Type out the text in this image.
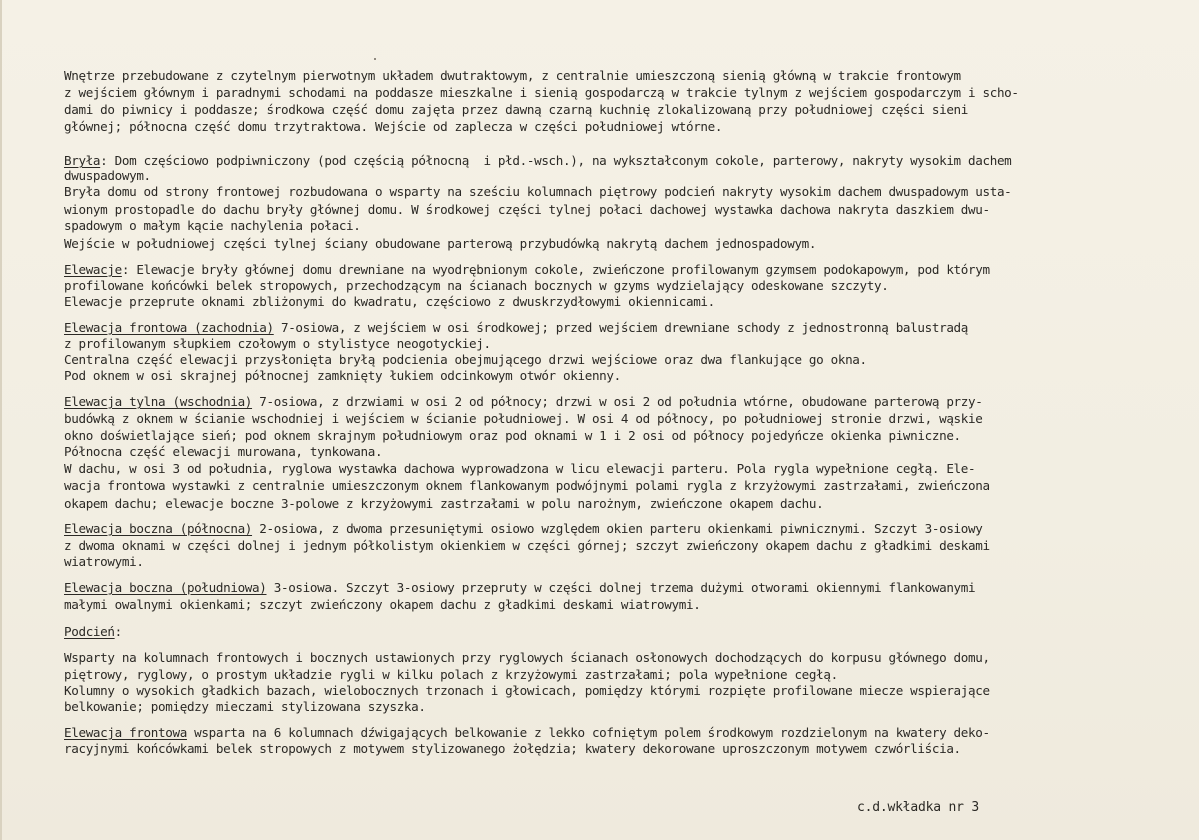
Wnętrze przebudowane z czytelnym pierwotnym układem dwutraktowym, z centralnie umieszczoną sienią główną w trakcie frontowym
z wejściem głównym i paradnymi schodami na poddasze mieszkalne i sienią gospodarczą w trakcie tylnym z wejściem gospodarczym i scho-
dami do piwnicy i poddasze; środkowa część domu zajęta przez dawną czarną kuchnię zlokalizowaną przy południowej części sieni
głównej; północna część domu trzytraktowa. Wejście od zaplecza w części południowej wtórne.
Bryła: Dom częściowo podpiwniczony (pod częścią północną  i płd.-wsch.), na wykształconym cokole, parterowy, nakryty wysokim dachem
dwuspadowym.
Bryła domu od strony frontowej rozbudowana o wsparty na sześciu kolumnach piętrowy podcień nakryty wysokim dachem dwuspadowym usta-
wionym prostopadle do dachu bryły głównej domu. W środkowej części tylnej połaci dachowej wystawka dachowa nakryta daszkiem dwu-
spadowym o małym kącie nachylenia połaci.
Wejście w południowej części tylnej ściany obudowane parterową przybudówką nakrytą dachem jednospadowym.
Elewacje: Elewacje bryły głównej domu drewniane na wyodrębnionym cokole, zwieńczone profilowanym gzymsem podokapowym, pod którym
profilowane końcówki belek stropowych, przechodzącym na ścianach bocznych w gzyms wydzielający odeskowane szczyty.
Elewacje przeprute oknami zbliżonymi do kwadratu, częściowo z dwuskrzydłowymi okiennicami.
Elewacja frontowa (zachodnia) 7-osiowa, z wejściem w osi środkowej; przed wejściem drewniane schody z jednostronną balustradą
z profilowanym słupkiem czołowym o stylistyce neogotyckiej.
Centralna część elewacji przysłonięta bryłą podcienia obejmującego drzwi wejściowe oraz dwa flankujące go okna.
Pod oknem w osi skrajnej północnej zamknięty łukiem odcinkowym otwór okienny.
Elewacja tylna (wschodnia) 7-osiowa, z drzwiami w osi 2 od północy; drzwi w osi 2 od południa wtórne, obudowane parterową przy-
budówką z oknem w ścianie wschodniej i wejściem w ścianie południowej. W osi 4 od północy, po południowej stronie drzwi, wąskie
okno doświetlające sień; pod oknem skrajnym południowym oraz pod oknami w 1 i 2 osi od północy pojedyńcze okienka piwniczne.
Północna część elewacji murowana, tynkowana.
W dachu, w osi 3 od południa, ryglowa wystawka dachowa wyprowadzona w licu elewacji parteru. Pola rygla wypełnione cegłą. Ele-
wacja frontowa wystawki z centralnie umieszczonym oknem flankowanym podwójnymi polami rygla z krzyżowymi zastrzałami, zwieńczona
okapem dachu; elewacje boczne 3-polowe z krzyżowymi zastrzałami w polu narożnym, zwieńczone okapem dachu.
Elewacja boczna (północna) 2-osiowa, z dwoma przesuniętymi osiowo względem okien parteru okienkami piwnicznymi. Szczyt 3-osiowy
z dwoma oknami w części dolnej i jednym półkolistym okienkiem w części górnej; szczyt zwieńczony okapem dachu z gładkimi deskami
wiatrowymi.
Elewacja boczna (południowa) 3-osiowa. Szczyt 3-osiowy przepruty w części dolnej trzema dużymi otworami okiennymi flankowanymi
małymi owalnymi okienkami; szczyt zwieńczony okapem dachu z gładkimi deskami wiatrowymi.
Podcień:
Wsparty na kolumnach frontowych i bocznych ustawionych przy ryglowych ścianach osłonowych dochodzących do korpusu głównego domu,
piętrowy, ryglowy, o prostym układzie rygli w kilku polach z krzyżowymi zastrzałami; pola wypełnione cegłą.
Kolumny o wysokich gładkich bazach, wielobocznych trzonach i głowicach, pomiędzy którymi rozpięte profilowane miecze wspierające
belkowanie; pomiędzy mieczami stylizowana szyszka.
Elewacja frontowa wsparta na 6 kolumnach dźwigających belkowanie z lekko cofniętym polem środkowym rozdzielonym na kwatery deko-
racyjnymi końcówkami belek stropowych z motywem stylizowanego żołędzia; kwatery dekorowane uproszczonym motywem czwórliścia.
c.d.wkładka nr 3
